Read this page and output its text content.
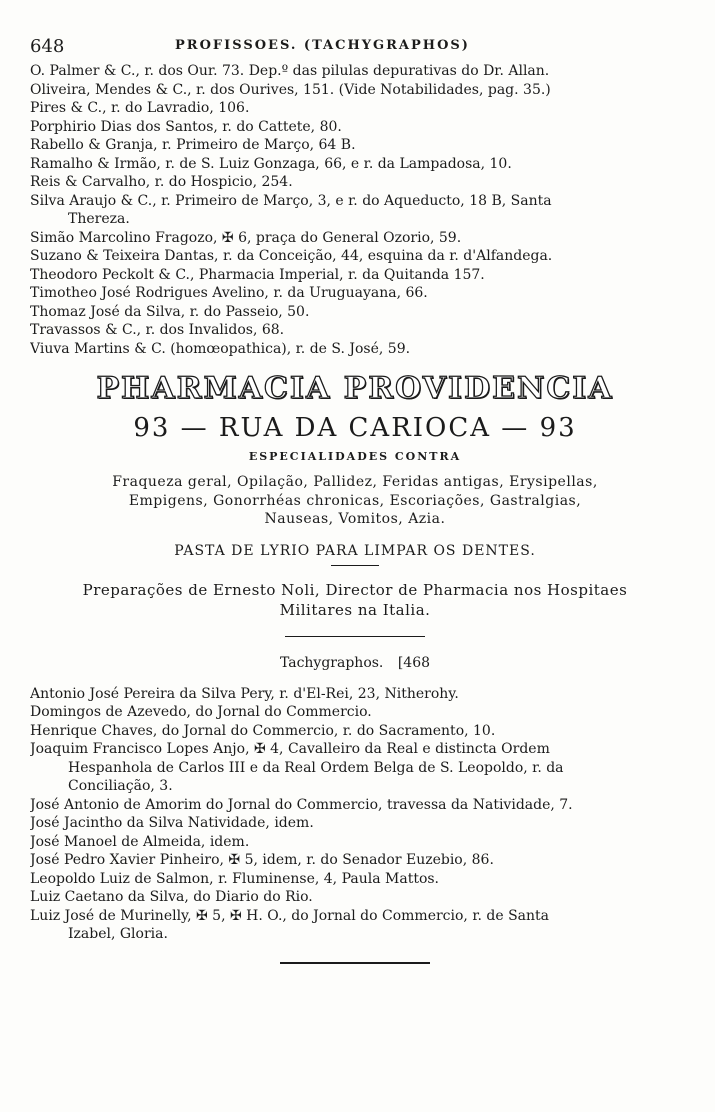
648	PROFISSOES. (TACHYGRAPHOS)
O. Palmer & C., r. dos Our. 73. Dep.º das pilulas depurativas do Dr. Allan.
Oliveira, Mendes & C., r. dos Ourives, 151. (Vide Notabilidades, pag. 35.)
Pires & C., r. do Lavradio, 106.
Porphirio Dias dos Santos, r. do Cattete, 80.
Rabello & Granja, r. Primeiro de Março, 64 B.
Ramalho & Irmão, r. de S. Luiz Gonzaga, 66, e r. da Lampadosa, 10.
Reis & Carvalho, r. do Hospicio, 254.
Silva Araujo & C., r. Primeiro de Março, 3, e r. do Aqueducto, 18 B, Santa
Thereza.
Simão Marcolino Fragozo, ✠ 6, praça do General Ozorio, 59.
Suzano & Teixeira Dantas, r. da Conceição, 44, esquina da r. d'Alfandega.
Theodoro Peckolt & C., Pharmacia Imperial, r. da Quitanda 157.
Timotheo José Rodrigues Avelino, r. da Uruguayana, 66.
Thomaz José da Silva, r. do Passeio, 50.
Travassos & C., r. dos Invalidos, 68.
Viuva Martins & C. (homœopathica), r. de S. José, 59.
PHARMACIA PROVIDENCIA
93 — RUA DA CARIOCA — 93
ESPECIALIDADES CONTRA
Fraqueza geral, Opilação, Pallidez, Feridas antigas, Erysipellas,
Empigens, Gonorrhéas chronicas, Escoriações, Gastralgias,
Nauseas, Vomitos, Azia.
PASTA DE LYRIO PARA LIMPAR OS DENTES.
Preparações de Ernesto Noli, Director de Pharmacia nos Hospitaes
Militares na Italia.
Tachygraphos. [468
Antonio José Pereira da Silva Pery, r. d'El-Rei, 23, Nitherohy.
Domingos de Azevedo, do Jornal do Commercio.
Henrique Chaves, do Jornal do Commercio, r. do Sacramento, 10.
Joaquim Francisco Lopes Anjo, ✠ 4, Cavalleiro da Real e distincta Ordem
Hespanhola de Carlos III e da Real Ordem Belga de S. Leopoldo, r. da
Conciliação, 3.
José Antonio de Amorim do Jornal do Commercio, travessa da Natividade, 7.
José Jacintho da Silva Natividade, idem.
José Manoel de Almeida, idem.
José Pedro Xavier Pinheiro, ✠ 5, idem, r. do Senador Euzebio, 86.
Leopoldo Luiz de Salmon, r. Fluminense, 4, Paula Mattos.
Luiz Caetano da Silva, do Diario do Rio.
Luiz José de Murinelly, ✠ 5, ✠ H. O., do Jornal do Commercio, r. de Santa
Izabel, Gloria.
